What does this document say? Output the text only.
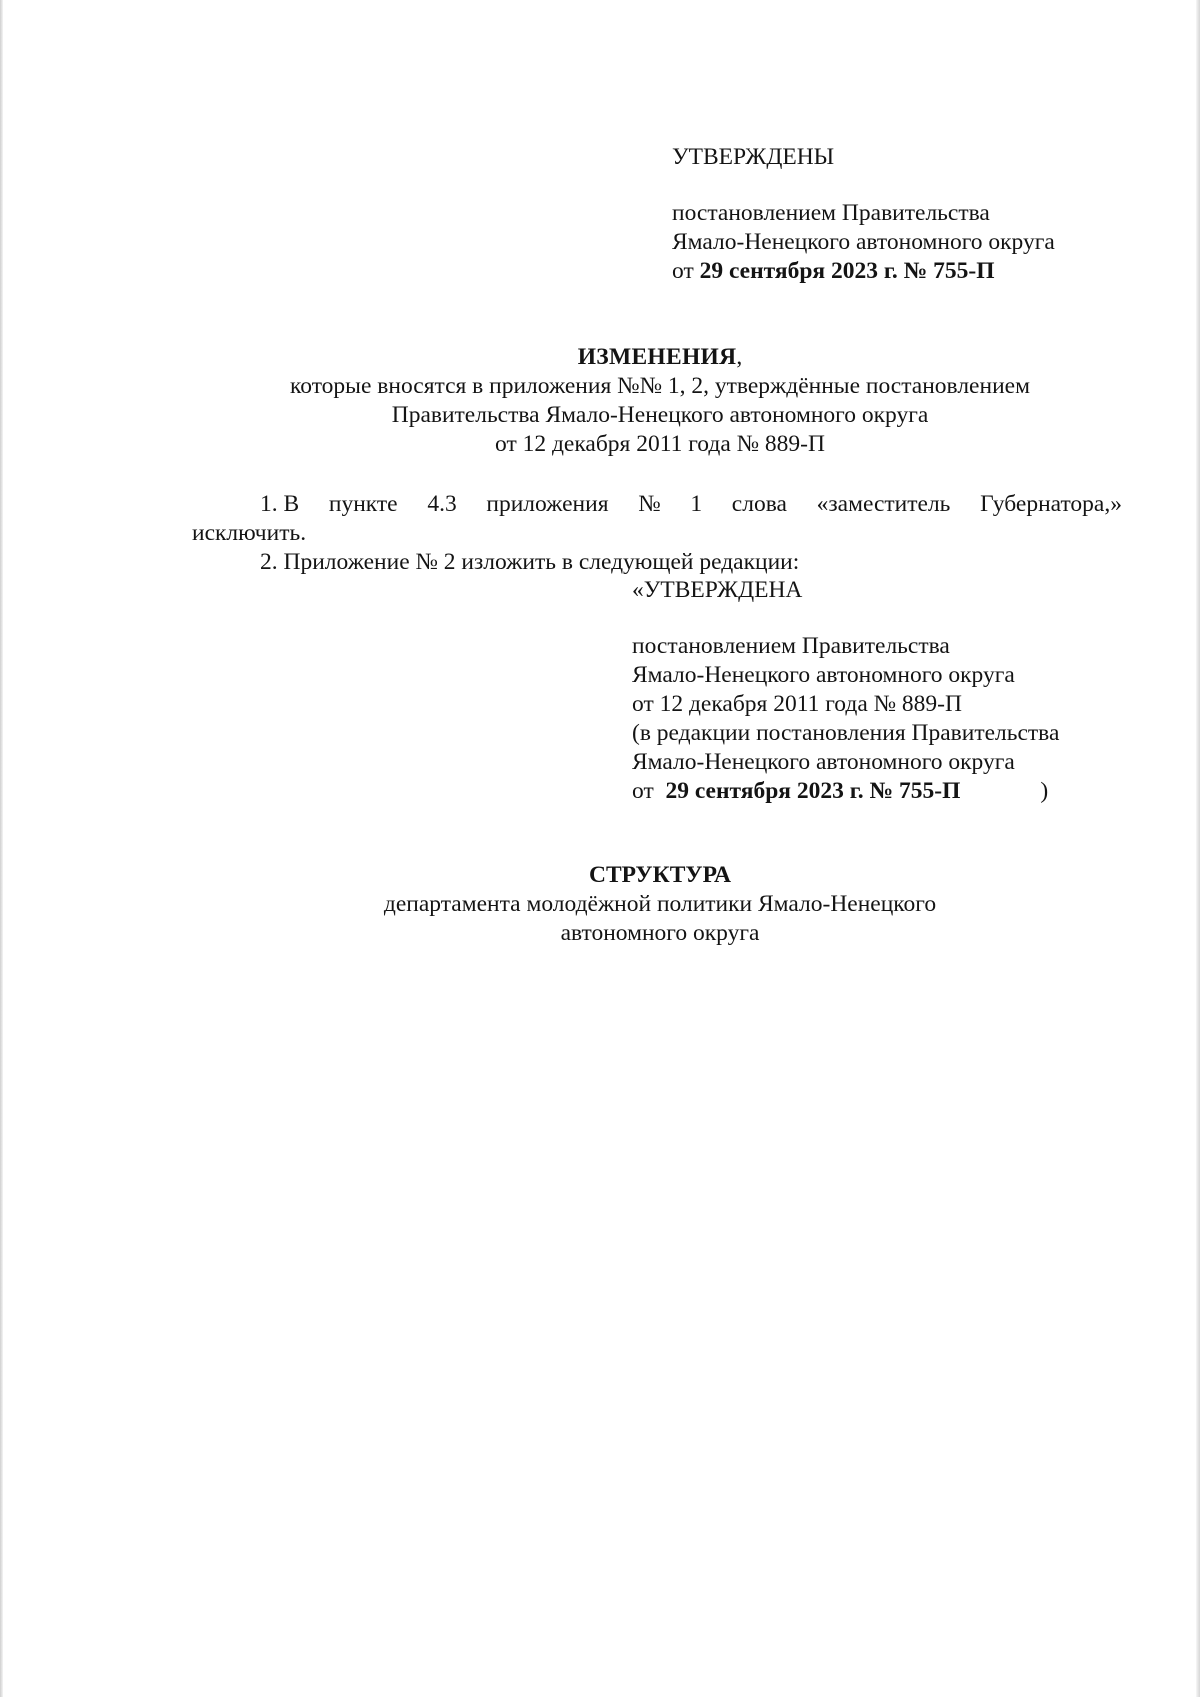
УТВЕРЖДЕНЫ
постановлением Правительства
Ямало-Ненецкого автономного округа
от 29 сентября 2023 г. № 755-П
ИЗМЕНЕНИЯ,
которые вносятся в приложения №№ 1, 2, утверждённые постановлением
Правительства Ямало-Ненецкого автономного округа
от 12 декабря 2011 года № 889-П
1. В пункте 4.3 приложения № 1 слова «заместитель Губернатора,»
исключить.
2. Приложение № 2 изложить в следующей редакции:
«УТВЕРЖДЕНА
постановлением Правительства
Ямало-Ненецкого автономного округа
от 12 декабря 2011 года № 889-П
(в редакции постановления Правительства
Ямало-Ненецкого автономного округа
от
29 сентября 2023 г. № 755-П	)
СТРУКТУРА
департамента молодёжной политики Ямало-Ненецкого
автономного округа
